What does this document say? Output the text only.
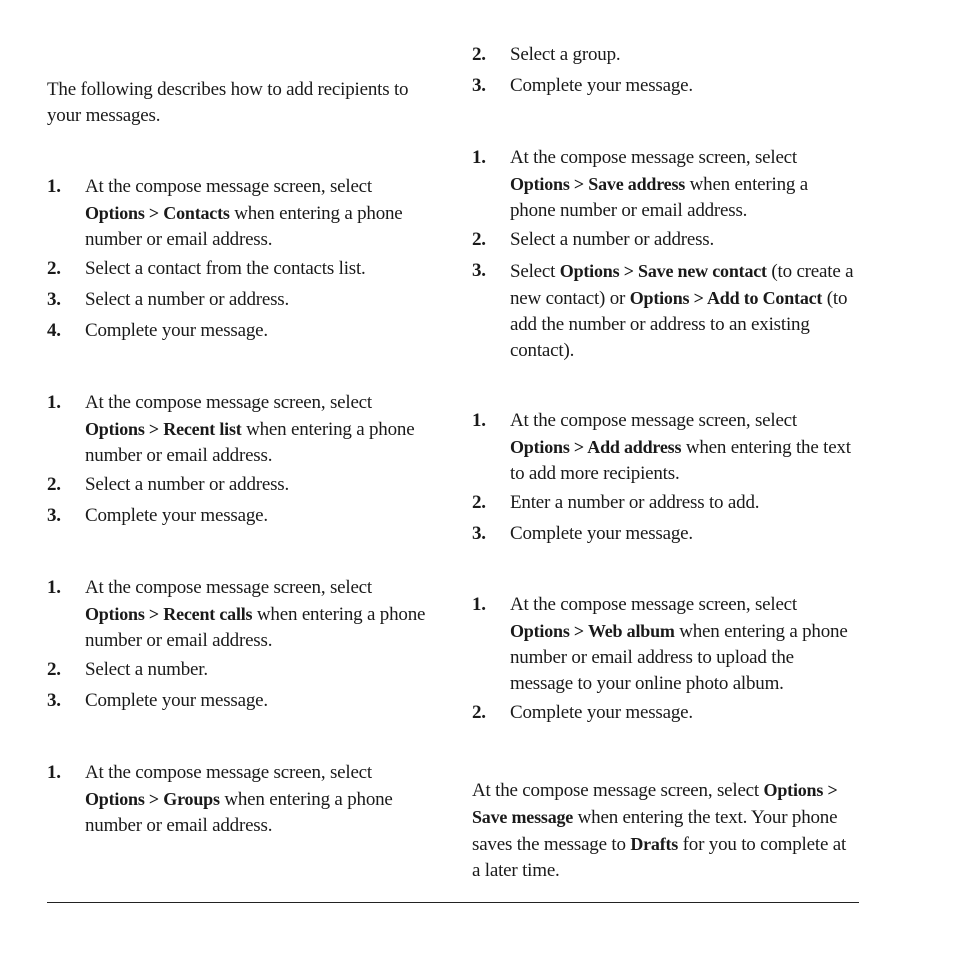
The following describes how to add recipients to your messages.
1. At the compose message screen, select Options > Contacts when entering a phone number or email address.
2. Select a contact from the contacts list.
3. Select a number or address.
4. Complete your message.
1. At the compose message screen, select Options > Recent list when entering a phone number or email address.
2. Select a number or address.
3. Complete your message.
1. At the compose message screen, select Options > Recent calls when entering a phone number or email address.
2. Select a number.
3. Complete your message.
1. At the compose message screen, select Options > Groups when entering a phone number or email address.
2. Select a group.
3. Complete your message.
1. At the compose message screen, select Options > Save address when entering a phone number or email address.
2. Select a number or address.
3. Select Options > Save new contact (to create a new contact) or Options > Add to Contact (to add the number or address to an existing contact).
1. At the compose message screen, select Options > Add address when entering the text to add more recipients.
2. Enter a number or address to add.
3. Complete your message.
1. At the compose message screen, select Options > Web album when entering a phone number or email address to upload the message to your online photo album.
2. Complete your message.
At the compose message screen, select Options > Save message when entering the text. Your phone saves the message to Drafts for you to complete at a later time.
